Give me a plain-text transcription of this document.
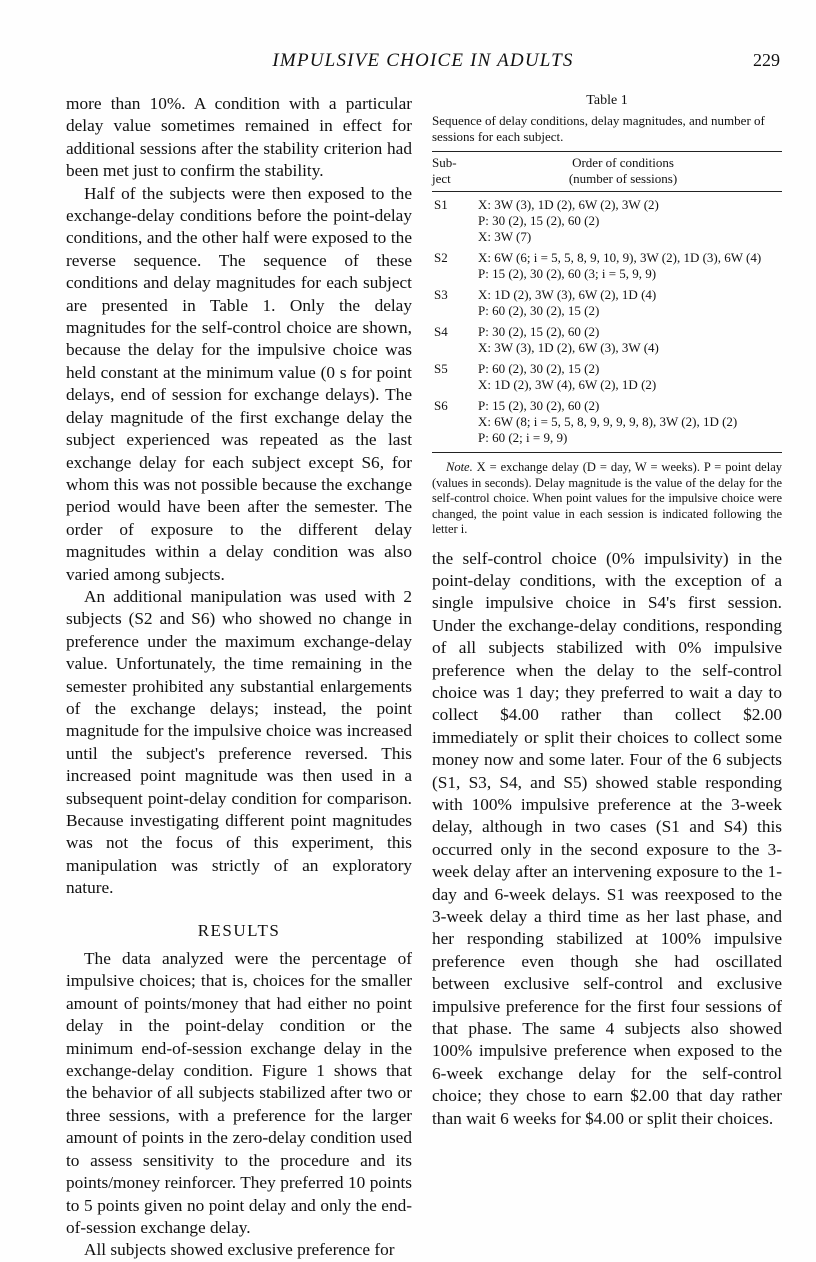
IMPULSIVE CHOICE IN ADULTS	229

more than 10%. A condition with a particular delay value sometimes remained in effect for additional sessions after the stability criterion had been met just to confirm the stability.

Half of the subjects were then exposed to the exchange-delay conditions before the point-delay conditions, and the other half were exposed to the reverse sequence. The sequence of these conditions and delay magnitudes for each subject are presented in Table 1. Only the delay magnitudes for the self-control choice are shown, because the delay for the impulsive choice was held constant at the minimum value (0 s for point delays, end of session for exchange delays). The delay magnitude of the first exchange delay the subject experienced was repeated as the last exchange delay for each subject except S6, for whom this was not possible because the exchange period would have been after the semester. The order of exposure to the different delay magnitudes within a delay condition was also varied among subjects.

An additional manipulation was used with 2 subjects (S2 and S6) who showed no change in preference under the maximum exchange-delay value. Unfortunately, the time remaining in the semester prohibited any substantial enlargements of the exchange delays; instead, the point magnitude for the impulsive choice was increased until the subject's preference reversed. This increased point magnitude was then used in a subsequent point-delay condition for comparison. Because investigating different point magnitudes was not the focus of this experiment, this manipulation was strictly of an exploratory nature.

RESULTS

The data analyzed were the percentage of impulsive choices; that is, choices for the smaller amount of points/money that had either no point delay in the point-delay condition or the minimum end-of-session exchange delay in the exchange-delay condition. Figure 1 shows that the behavior of all subjects stabilized after two or three sessions, with a preference for the larger amount of points in the zero-delay condition used to assess sensitivity to the procedure and its points/money reinforcer. They preferred 10 points to 5 points given no point delay and only the end-of-session exchange delay.

All subjects showed exclusive preference for

Table 1
Sequence of delay conditions, delay magnitudes, and number of sessions for each subject.
Sub-ject
Order of conditions
(number of sessions)
S1	X: 3W (3), 1D (2), 6W (2), 3W (2)
P: 30 (2), 15 (2), 60 (2)
X: 3W (7)
S2	X: 6W (6; i = 5, 5, 8, 9, 10, 9), 3W (2), 1D (3), 6W (4)
P: 15 (2), 30 (2), 60 (3; i = 5, 9, 9)
S3	X: 1D (2), 3W (3), 6W (2), 1D (4)
P: 60 (2), 30 (2), 15 (2)
S4	P: 30 (2), 15 (2), 60 (2)
X: 3W (3), 1D (2), 6W (3), 3W (4)
S5	P: 60 (2), 30 (2), 15 (2)
X: 1D (2), 3W (4), 6W (2), 1D (2)
S6	P: 15 (2), 30 (2), 60 (2)
X: 6W (8; i = 5, 5, 8, 9, 9, 9, 9, 8), 3W (2), 1D (2)
P: 60 (2; i = 9, 9)
Note. X = exchange delay (D = day, W = weeks). P = point delay (values in seconds). Delay magnitude is the value of the delay for the self-control choice. When point values for the impulsive choice were changed, the point value in each session is indicated following the letter i.

the self-control choice (0% impulsivity) in the point-delay conditions, with the exception of a single impulsive choice in S4's first session. Under the exchange-delay conditions, responding of all subjects stabilized with 0% impulsive preference when the delay to the self-control choice was 1 day; they preferred to wait a day to collect $4.00 rather than collect $2.00 immediately or split their choices to collect some money now and some later. Four of the 6 subjects (S1, S3, S4, and S5) showed stable responding with 100% impulsive preference at the 3-week delay, although in two cases (S1 and S4) this occurred only in the second exposure to the 3-week delay after an intervening exposure to the 1-day and 6-week delays. S1 was reexposed to the 3-week delay a third time as her last phase, and her responding stabilized at 100% impulsive preference even though she had oscillated between exclusive self-control and exclusive impulsive preference for the first four sessions of that phase. The same 4 subjects also showed 100% impulsive preference when exposed to the 6-week exchange delay for the self-control choice; they chose to earn $2.00 that day rather than wait 6 weeks for $4.00 or split their choices.
